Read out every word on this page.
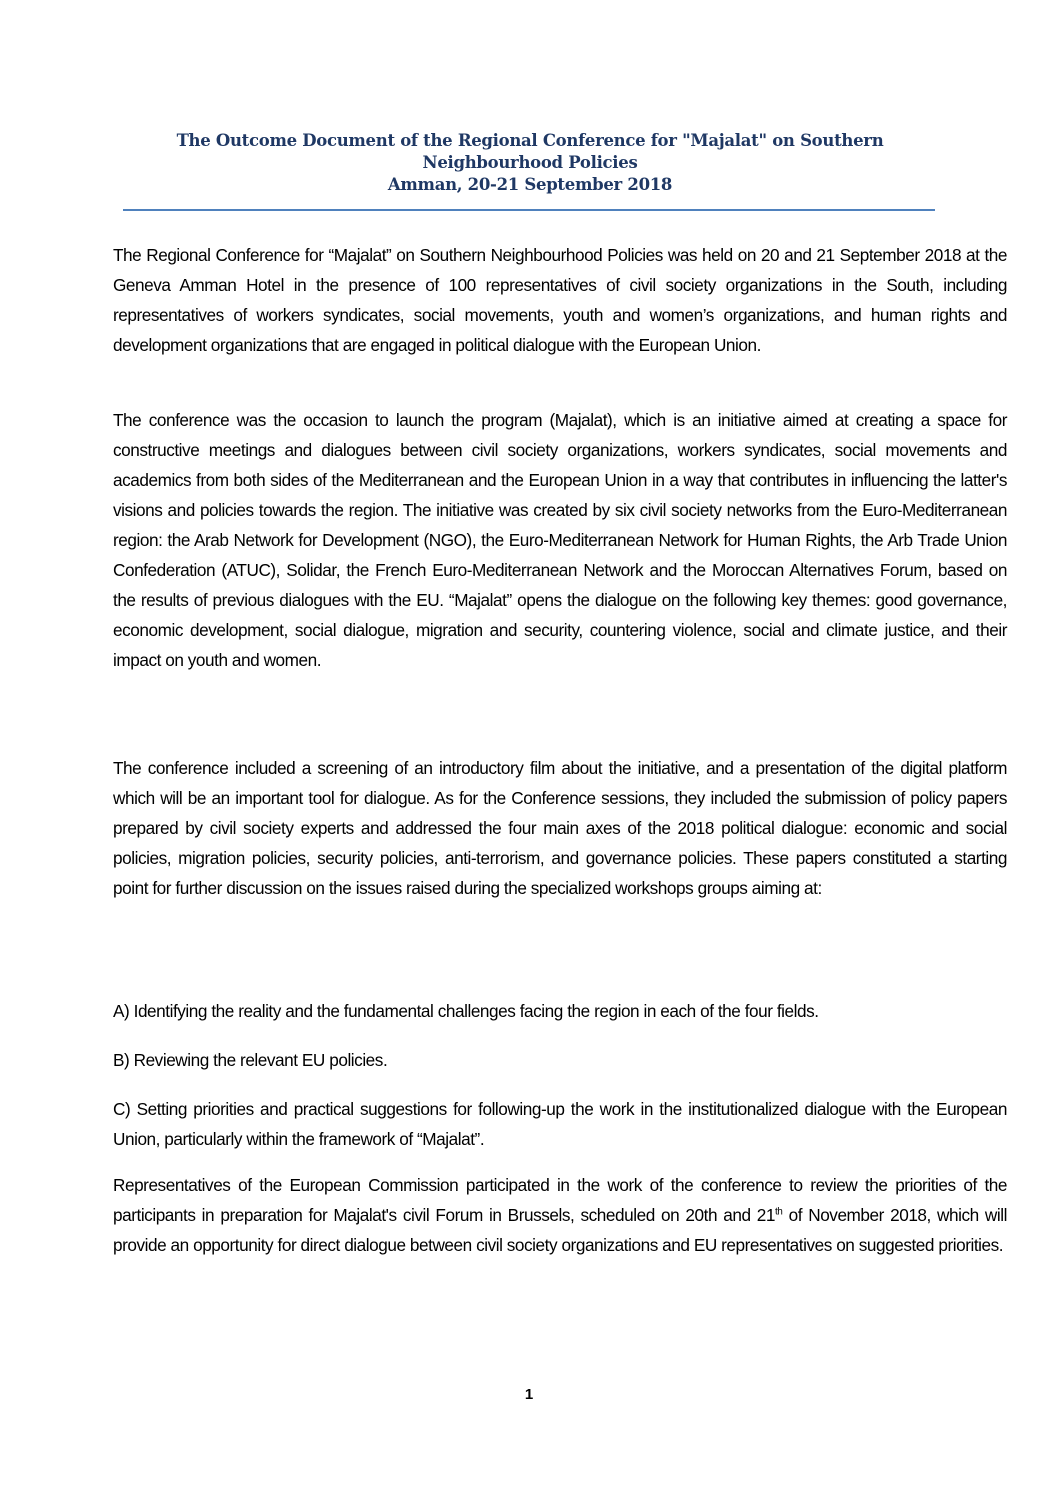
The Outcome Document of the Regional Conference for "Majalat" on Southern
Neighbourhood Policies
Amman, 20-21 September 2018

The Regional Conference for “Majalat” on Southern Neighbourhood Policies was held on 20 and 21 September 2018 at the Geneva Amman Hotel in the presence of 100 representatives of civil society organizations in the South, including representatives of workers syndicates, social movements, youth and women’s organizations, and human rights and development organizations that are engaged in political dialogue with the European Union.

The conference was the occasion to launch the program (Majalat), which is an initiative aimed at creating a space for constructive meetings and dialogues between civil society organizations, workers syndicates, social movements and academics from both sides of the Mediterranean and the European Union in a way that contributes in influencing the latter's visions and policies towards the region. The initiative was created by six civil society networks from the Euro-Mediterranean region: the Arab Network for Development (NGO), the Euro-Mediterranean Network for Human Rights, the Arb Trade Union Confederation (ATUC), Solidar, the French Euro-Mediterranean Network and the Moroccan Alternatives Forum, based on the results of previous dialogues with the EU. “Majalat” opens the dialogue on the following key themes: good governance, economic development, social dialogue, migration and security, countering violence, social and climate justice, and their impact on youth and women.

The conference included a screening of an introductory film about the initiative, and a presentation of the digital platform which will be an important tool for dialogue. As for the Conference sessions, they included the submission of policy papers prepared by civil society experts and addressed the four main axes of the 2018 political dialogue: economic and social policies, migration policies, security policies, anti-terrorism, and governance policies. These papers constituted a starting point for further discussion on the issues raised during the specialized workshops groups aiming at:

A) Identifying the reality and the fundamental challenges facing the region in each of the four fields.

B) Reviewing the relevant EU policies.

C) Setting priorities and practical suggestions for following-up the work in the institutionalized dialogue with the European Union, particularly within the framework of “Majalat”.

Representatives of the European Commission participated in the work of the conference to review the priorities of the participants in preparation for Majalat's civil Forum in Brussels, scheduled on 20th and 21th of November 2018, which will provide an opportunity for direct dialogue between civil society organizations and EU representatives on suggested priorities.

1
